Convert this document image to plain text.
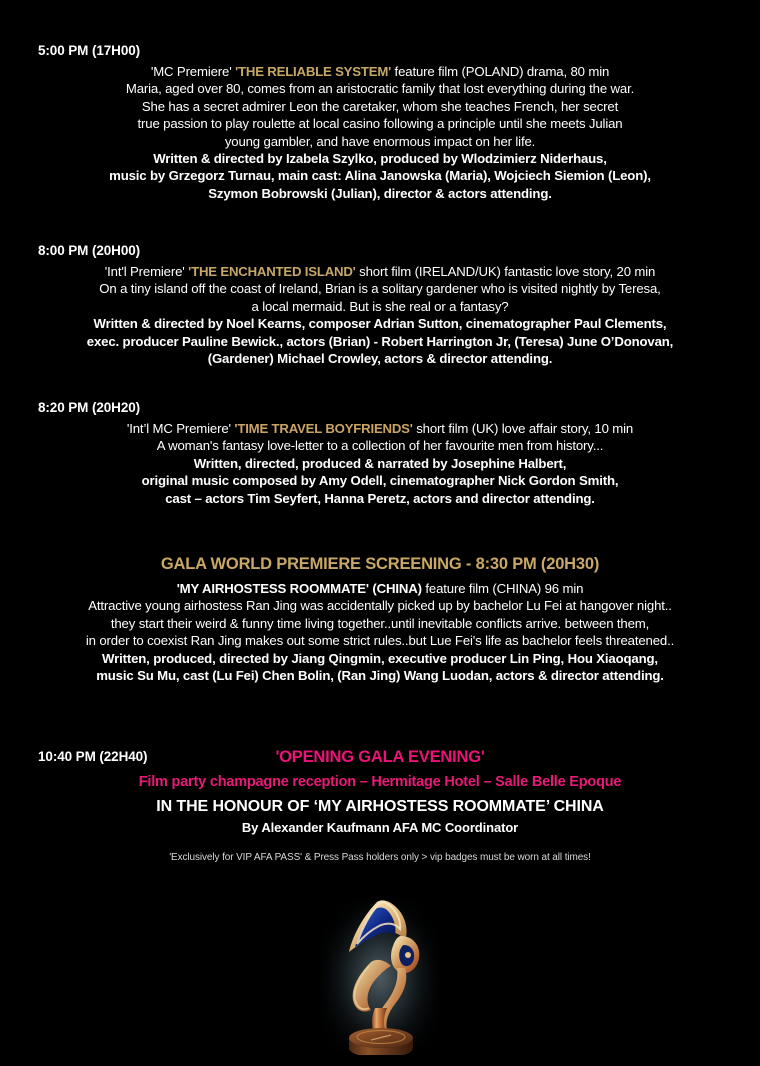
5:00 PM (17H00)
'MC Premiere' 'THE RELIABLE SYSTEM' feature film (POLAND) drama, 80 min
Maria, aged over 80, comes from an aristocratic family that lost everything during the war.
She has a secret admirer Leon the caretaker, whom she teaches French, her secret
true passion to play roulette at local casino following a principle until she meets Julian
young gambler, and have enormous impact on her life.
Written & directed by Izabela Szylko, produced by Wlodzimierz Niderhaus,
music by Grzegorz Turnau, main cast: Alina Janowska (Maria), Wojciech Siemion (Leon),
Szymon Bobrowski (Julian), director & actors attending.
8:00 PM (20H00)
'Int'l Premiere' 'THE ENCHANTED ISLAND' short film (IRELAND/UK) fantastic love story, 20 min
On a tiny island off the coast of Ireland, Brian is a solitary gardener who is visited nightly by Teresa,
a local mermaid. But is she real or a fantasy?
Written & directed by Noel Kearns, composer Adrian Sutton, cinematographer Paul Clements,
exec. producer Pauline Bewick., actors (Brian) - Robert Harrington Jr, (Teresa) June O’Donovan,
(Gardener) Michael Crowley, actors & director attending.
8:20 PM (20H20)
'Int’l MC Premiere' 'TIME TRAVEL BOYFRIENDS' short film (UK) love affair story, 10 min
A woman's fantasy love-letter to a collection of her favourite men from history...
Written, directed, produced & narrated by Josephine Halbert,
original music composed by Amy Odell, cinematographer Nick Gordon Smith,
cast – actors Tim Seyfert, Hanna Peretz, actors and director attending.
GALA WORLD PREMIERE SCREENING - 8:30 PM (20H30)
'MY AIRHOSTESS ROOMMATE' (CHINA) feature film (CHINA) 96 min
Attractive young airhostess Ran Jing was accidentally picked up by bachelor Lu Fei at hangover night..
they start their weird & funny time living together..until inevitable conflicts arrive. between them,
in order to coexist Ran Jing makes out some strict rules..but Lue Fei's life as bachelor feels threatened..
Written, produced, directed by Jiang Qingmin, executive producer Lin Ping, Hou Xiaoqang,
music Su Mu, cast (Lu Fei) Chen Bolin, (Ran Jing) Wang Luodan, actors & director attending.
10:40 PM (22H40)	'OPENING GALA EVENING'
Film party champagne reception – Hermitage Hotel – Salle Belle Epoque
IN THE HONOUR OF ‘MY AIRHOSTESS ROOMMATE’ CHINA
By Alexander Kaufmann AFA MC Coordinator
'Exclusively for VIP AFA PASS' & Press Pass holders only > vip badges must be worn at all times!
